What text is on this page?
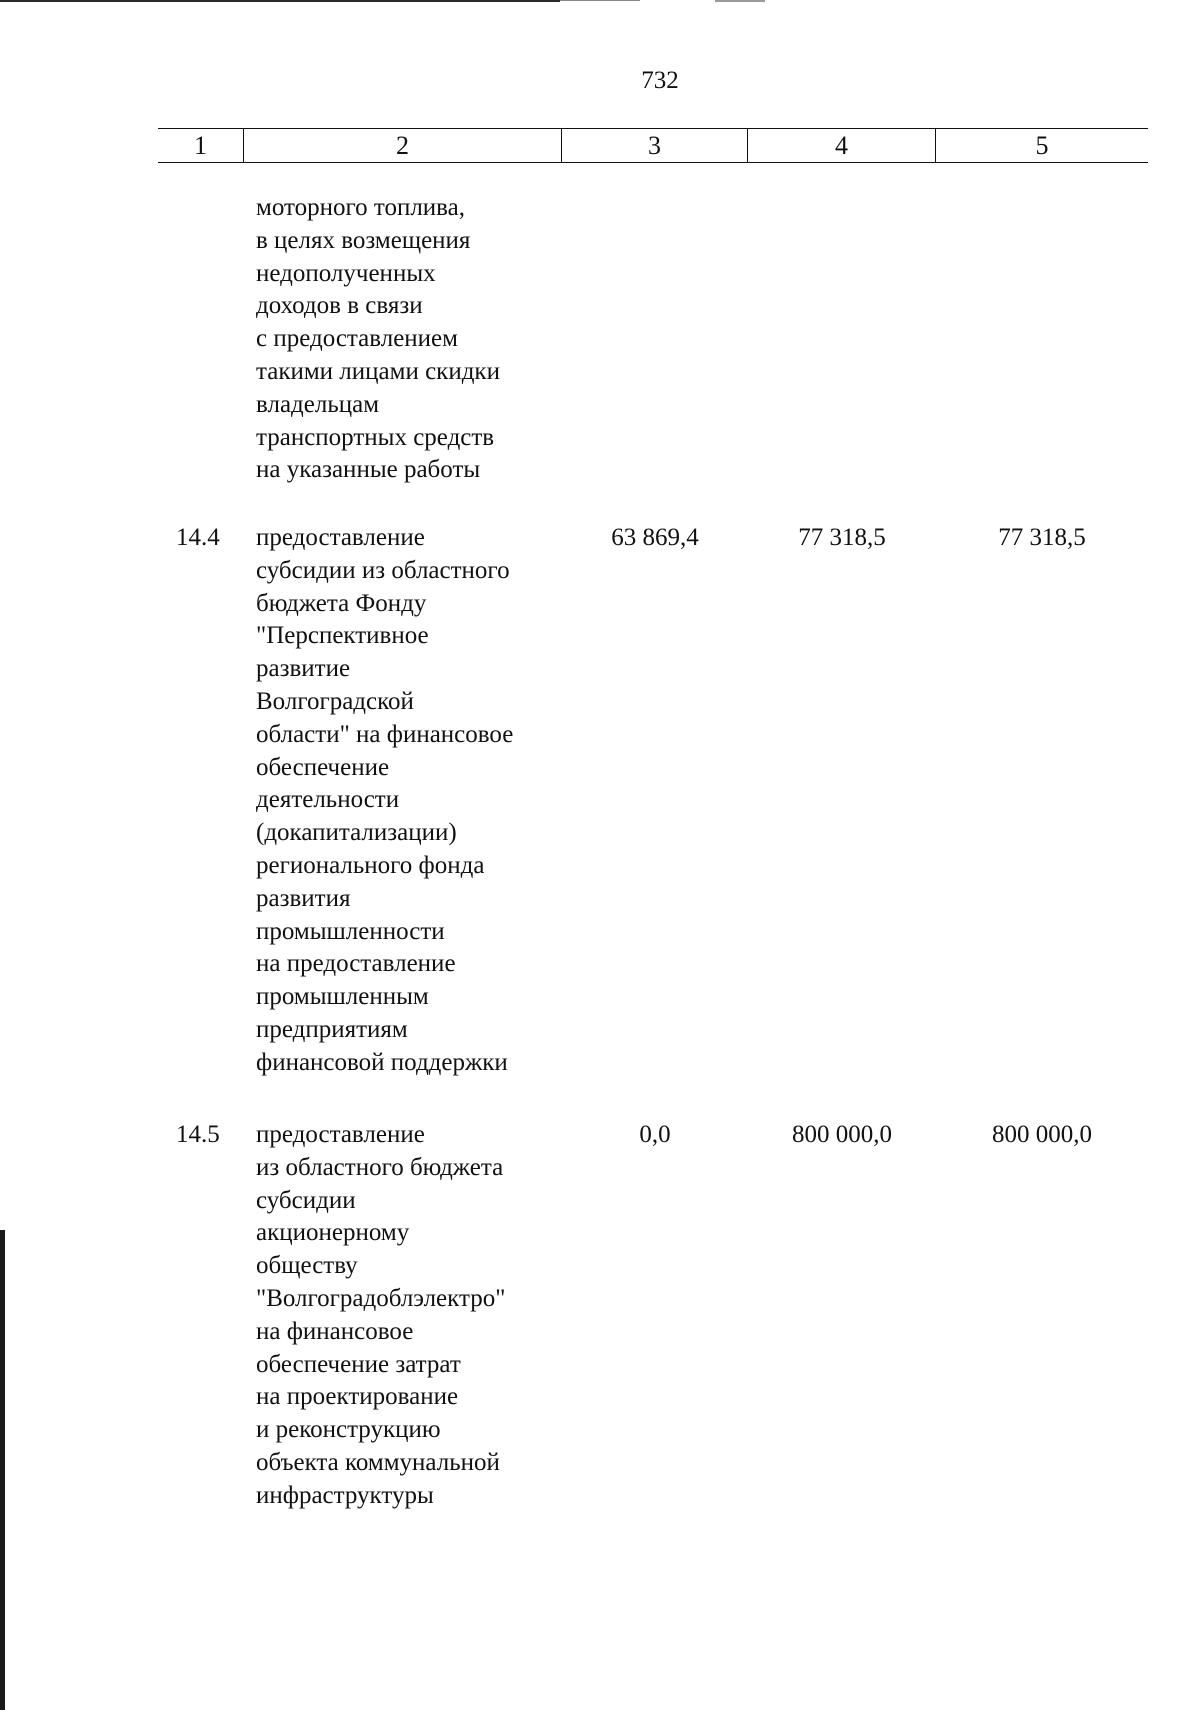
732
1	2	3	4	5
моторного топлива,
в целях возмещения
недополученных
доходов в связи
с предоставлением
такими лицами скидки
владельцам
транспортных средств
на указанные работы
14.4 предоставление
субсидии из областного
бюджета Фонду
"Перспективное
развитие
Волгоградской
области" на финансовое
обеспечение
деятельности
(докапитализации)
регионального фонда
развития
промышленности
на предоставление
промышленным
предприятиям
финансовой поддержки
63 869,4	77 318,5	77 318,5
14.5 предоставление
из областного бюджета
субсидии
акционерному
обществу
"Волгоградоблэлектро"
на финансовое
обеспечение затрат
на проектирование
и реконструкцию
объекта коммунальной
инфраструктуры
0,0	800 000,0	800 000,0
